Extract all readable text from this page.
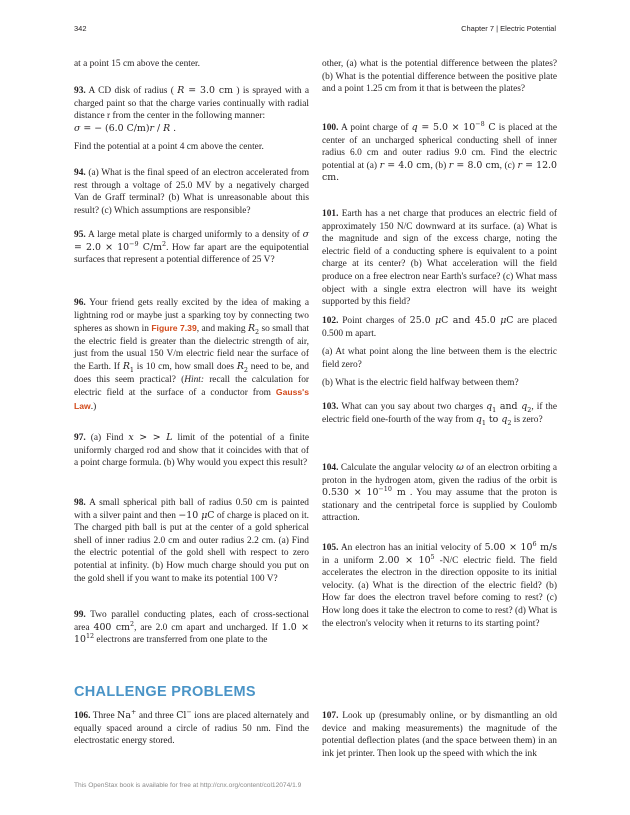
342	Chapter 7 | Electric Potential

at a point 15 cm above the center.

93. A CD disk of radius ( R = 3.0 cm ) is sprayed with a charged paint so that the charge varies continually with radial distance r from the center in the following manner:

σ = − (6.0 C/m)r / R .

Find the potential at a point 4 cm above the center.

94. (a) What is the final speed of an electron accelerated from rest through a voltage of 25.0 MV by a negatively charged Van de Graff terminal? (b) What is unreasonable about this result? (c) Which assumptions are responsible?

95. A large metal plate is charged uniformly to a density of $\sigma = 2.0 \times 10^{-9}$ $C/m^2$. How far apart are the equipotential surfaces that represent a potential difference of 25 V?

96. Your friend gets really excited by the idea of making a lightning rod or maybe just a sparking toy by connecting two spheres as shown in Figure 7.39, and making $R_2$ so small that the electric field is greater than the dielectric strength of air, just from the usual 150 V/m electric field near the surface of the Earth. If $R_1$ is 10 cm, how small does $R_2$ need to be, and does this seem practical? (Hint: recall the calculation for electric field at the surface of a conductor from Gauss's Law.)

97. (a) Find x > > L limit of the potential of a finite uniformly charged rod and show that it coincides with that of a point charge formula. (b) Why would you expect this result?

98. A small spherical pith ball of radius 0.50 cm is painted with a silver paint and then −10 μC of charge is placed on it. The charged pith ball is put at the center of a gold spherical shell of inner radius 2.0 cm and outer radius 2.2 cm. (a) Find the electric potential of the gold shell with respect to zero potential at infinity. (b) How much charge should you put on the gold shell if you want to make its potential 100 V?

99. Two parallel conducting plates, each of cross-sectional area 400 $cm^2$, are 2.0 cm apart and uncharged. If $1.0 \times 10^{12}$ electrons are transferred from one plate to the

106. Three Na+ and three Cl− ions are placed alternately and equally spaced around a circle of radius 50 nm. Find the electrostatic energy stored.

CHALLENGE PROBLEMS

other, (a) what is the potential difference between the plates? (b) What is the potential difference between the positive plate and a point 1.25 cm from it that is between the plates?

100. A point charge of $q = 5.0 \times 10^{-8}$ C is placed at the center of an uncharged spherical conducting shell of inner radius 6.0 cm and outer radius 9.0 cm. Find the electric potential at (a) r = 4.0 cm, (b) r = 8.0 cm, (c) r = 12.0 cm.

101. Earth has a net charge that produces an electric field of approximately 150 N/C downward at its surface. (a) What is the magnitude and sign of the excess charge, noting the electric field of a conducting sphere is equivalent to a point charge at its center? (b) What acceleration will the field produce on a free electron near Earth's surface? (c) What mass object with a single extra electron will have its weight supported by this field?

102. Point charges of 25.0 μC and 45.0 μC are placed 0.500 m apart.

(a) At what point along the line between them is the electric field zero?

(b) What is the electric field halfway between them?

103. What can you say about two charges $q_1$ and $q_2$, if the electric field one-fourth of the way from $q_1$ to $q_2$ is zero?

104. Calculate the angular velocity ω of an electron orbiting a proton in the hydrogen atom, given the radius of the orbit is $0.530 \times 10^{-10}$ m . You may assume that the proton is stationary and the centripetal force is supplied by Coulomb attraction.

105. An electron has an initial velocity of $5.00 \times 10^6$ m/s in a uniform $2.00 \times 10^5$ -N/C electric field. The field accelerates the electron in the direction opposite to its initial velocity. (a) What is the direction of the electric field? (b) How far does the electron travel before coming to rest? (c) How long does it take the electron to come to rest? (d) What is the electron's velocity when it returns to its starting point?

107. Look up (presumably online, or by dismantling an old device and making measurements) the magnitude of the potential deflection plates (and the space between them) in an ink jet printer. Then look up the speed with which the ink

This OpenStax book is available for free at http://cnx.org/content/col12074/1.9
